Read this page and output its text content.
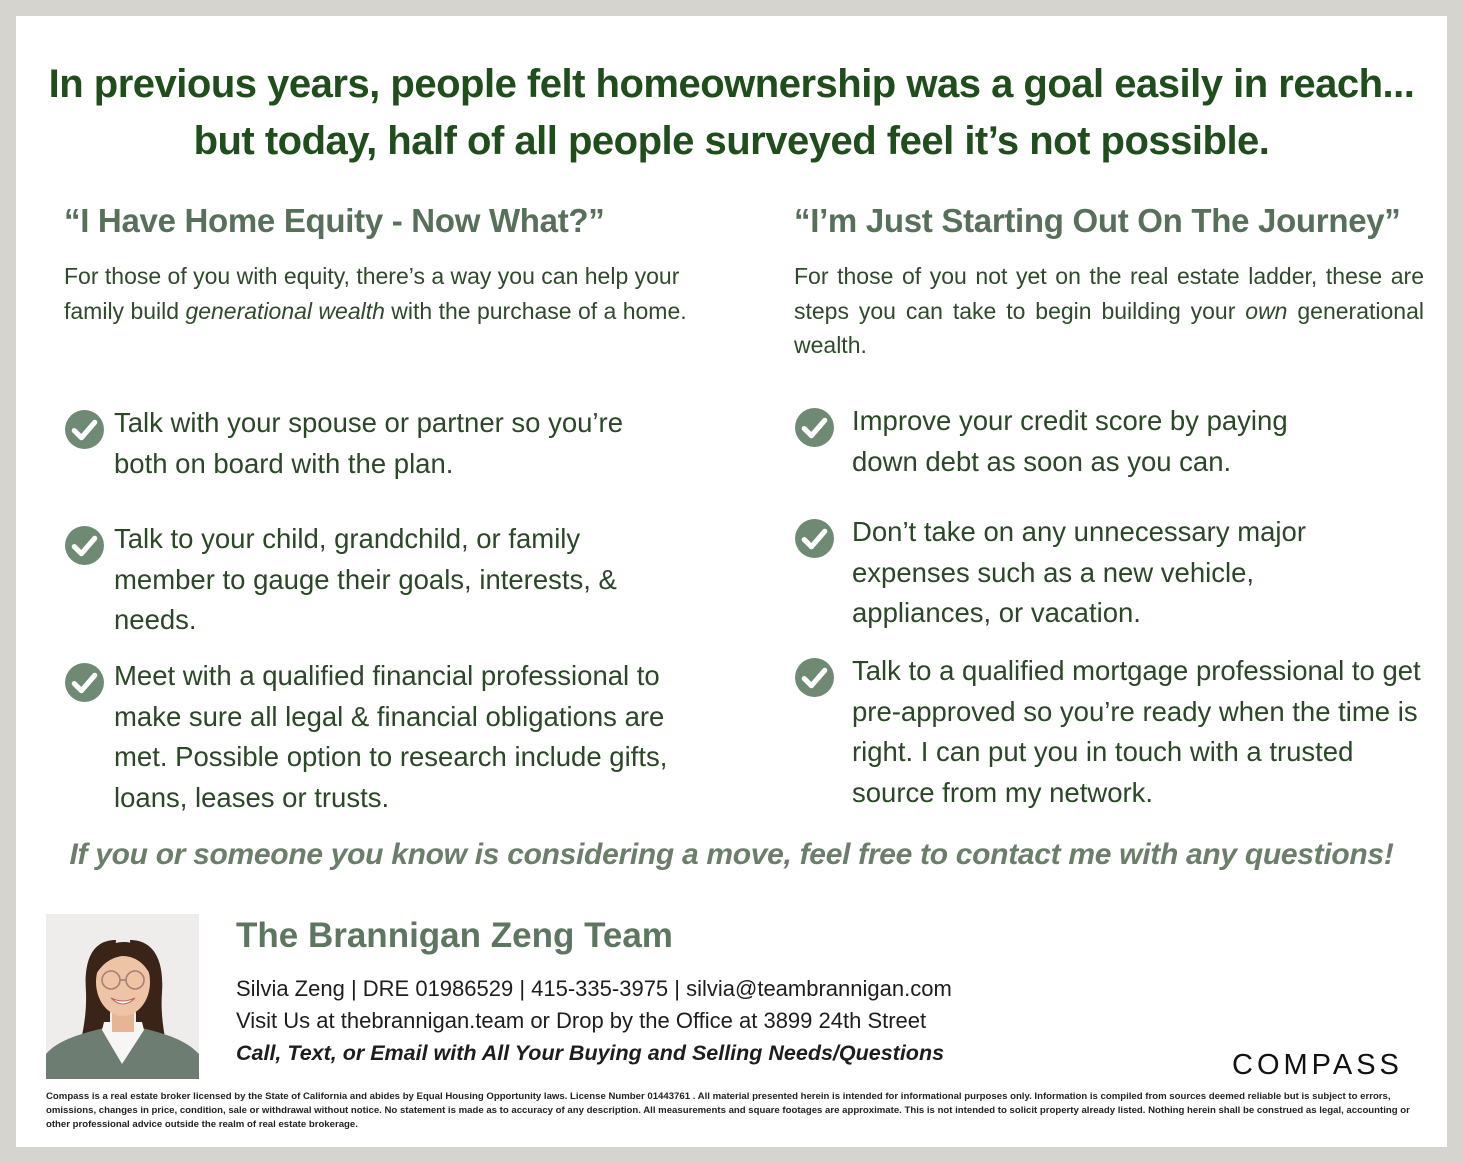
In previous years, people felt homeownership was a goal easily in reach...
but today, half of all people surveyed feel it’s not possible.
“I Have Home Equity - Now What?”
For those of you with equity, there’s a way you can help your family build generational wealth with the purchase of a home.
Talk with your spouse or partner so you’re both on board with the plan.
Talk to your child, grandchild, or family member to gauge their goals, interests, & needs.
Meet with a qualified financial professional to make sure all legal & financial obligations are met. Possible option to research include gifts, loans, leases or trusts.
“I’m Just Starting Out On The Journey”
For those of you not yet on the real estate ladder, these are steps you can take to begin building your own generational wealth.
Improve your credit score by paying down debt as soon as you can.
Don’t take on any unnecessary major expenses such as a new vehicle, appliances, or vacation.
Talk to a qualified mortgage professional to get pre-approved so you’re ready when the time is right. I can put you in touch with a trusted source from my network.
If you or someone you know is considering a move, feel free to contact me with any questions!
The Brannigan Zeng Team
Silvia Zeng | DRE 01986529 | 415-335-3975 | silvia@teambrannigan.com
Visit Us at thebrannigan.team or Drop by the Office at 3899 24th Street
Call, Text, or Email with All Your Buying and Selling Needs/Questions	COMPASS
Compass is a real estate broker licensed by the State of California and abides by Equal Housing Opportunity laws. License Number 01443761 . All material presented herein is intended for informational purposes only. Information is compiled from sources deemed reliable but is subject to errors, omissions, changes in price, condition, sale or withdrawal without notice. No statement is made as to accuracy of any description. All measurements and square footages are approximate. This is not intended to solicit property already listed. Nothing herein shall be construed as legal, accounting or other professional advice outside the realm of real estate brokerage.
